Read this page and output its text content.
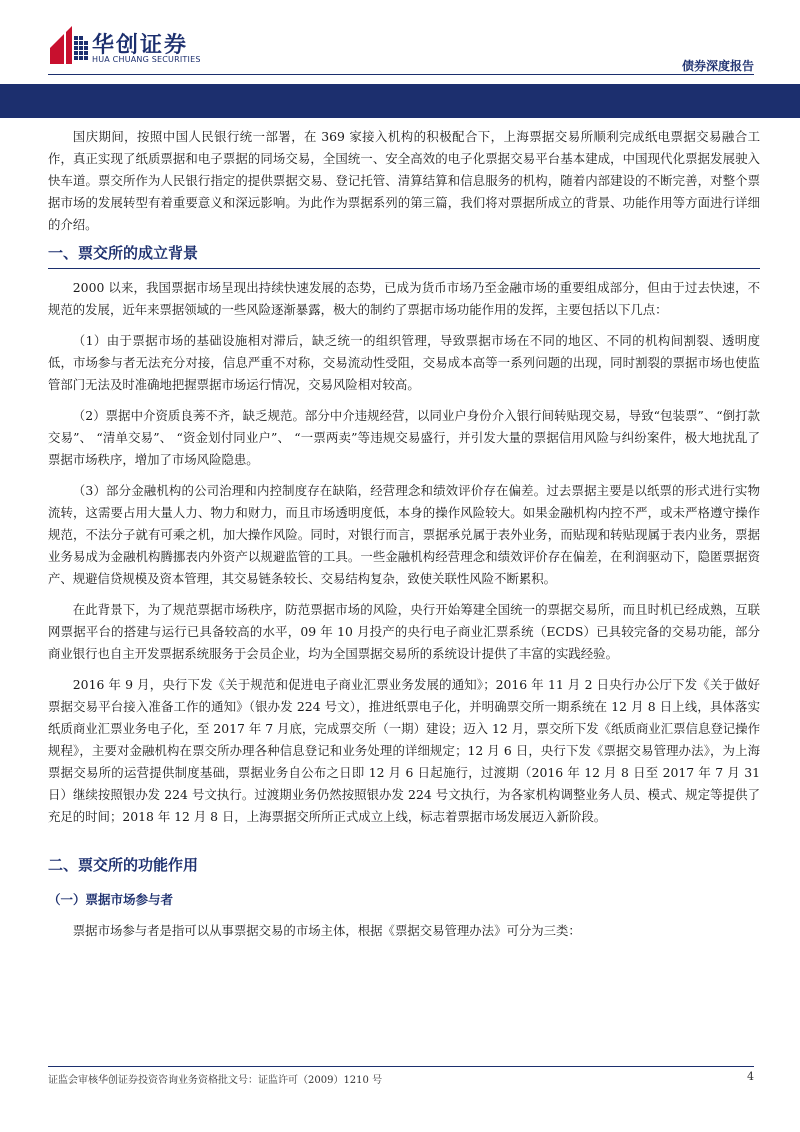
华创证券
HUA CHUANG SECURITIES	债券深度报告

国庆期间，按照中国人民银行统一部署，在 369 家接入机构的积极配合下，上海票据交易所顺利完成纸电票据交易融合工作，真正实现了纸质票据和电子票据的同场交易，全国统一、安全高效的电子化票据交易平台基本建成，中国现代化票据发展驶入快车道。票交所作为人民银行指定的提供票据交易、登记托管、清算结算和信息服务的机构，随着内部建设的不断完善，对整个票据市场的发展转型有着重要意义和深远影响。为此作为票据系列的第三篇，我们将对票据所成立的背景、功能作用等方面进行详细的介绍。

一、票交所的成立背景

2000 以来，我国票据市场呈现出持续快速发展的态势，已成为货币市场乃至金融市场的重要组成部分，但由于过去快速，不规范的发展，近年来票据领域的一些风险逐渐暴露，极大的制约了票据市场功能作用的发挥，主要包括以下几点：

（1）由于票据市场的基础设施相对滞后，缺乏统一的组织管理，导致票据市场在不同的地区、不同的机构间割裂、透明度低，市场参与者无法充分对接，信息严重不对称，交易流动性受阻，交易成本高等一系列问题的出现，同时割裂的票据市场也使监管部门无法及时准确地把握票据市场运行情况，交易风险相对较高。

（2）票据中介资质良莠不齐，缺乏规范。部分中介违规经营，以同业户身份介入银行间转贴现交易，导致“包装票”、“倒打款交易”、 “清单交易”、 “资金划付同业户”、 “一票两卖”等违规交易盛行，并引发大量的票据信用风险与纠纷案件，极大地扰乱了票据市场秩序，增加了市场风险隐患。

（3）部分金融机构的公司治理和内控制度存在缺陷，经营理念和绩效评价存在偏差。过去票据主要是以纸票的形式进行实物流转，这需要占用大量人力、物力和财力，而且市场透明度低，本身的操作风险较大。如果金融机构内控不严，或未严格遵守操作规范，不法分子就有可乘之机，加大操作风险。同时，对银行而言，票据承兑属于表外业务，而贴现和转贴现属于表内业务，票据业务易成为金融机构腾挪表内外资产以规避监管的工具。一些金融机构经营理念和绩效评价存在偏差，在利润驱动下，隐匿票据资产、规避信贷规模及资本管理，其交易链条较长、交易结构复杂，致使关联性风险不断累积。

在此背景下，为了规范票据市场秩序，防范票据市场的风险，央行开始筹建全国统一的票据交易所，而且时机已经成熟，互联网票据平台的搭建与运行已具备较高的水平，09 年 10 月投产的央行电子商业汇票系统（ECDS）已具较完备的交易功能，部分商业银行也自主开发票据系统服务于会员企业，均为全国票据交易所的系统设计提供了丰富的实践经验。

2016 年 9 月，央行下发《关于规范和促进电子商业汇票业务发展的通知》；2016 年 11 月 2 日央行办公厅下发《关于做好票据交易平台接入准备工作的通知》（银办发 224 号文），推进纸票电子化，并明确票交所一期系统在 12 月 8 日上线，具体落实纸质商业汇票业务电子化，至 2017 年 7 月底，完成票交所（一期）建设；迈入 12 月，票交所下发《纸质商业汇票信息登记操作规程》，主要对金融机构在票交所办理各种信息登记和业务处理的详细规定；12 月 6 日，央行下发《票据交易管理办法》，为上海票据交易所的运营提供制度基础，票据业务自公布之日即 12 月 6 日起施行，过渡期（2016 年 12 月 8 日至 2017 年 7 月 31 日）继续按照银办发 224 号文执行。过渡期业务仍然按照银办发 224 号文执行，为各家机构调整业务人员、模式、规定等提供了充足的时间；2018 年 12 月 8 日，上海票据交所所正式成立上线，标志着票据市场发展迈入新阶段。

二、票交所的功能作用
（一）票据市场参与者

票据市场参与者是指可以从事票据交易的市场主体，根据《票据交易管理办法》可分为三类：

证监会审核华创证券投资咨询业务资格批文号：证监许可（2009）1210 号	4
